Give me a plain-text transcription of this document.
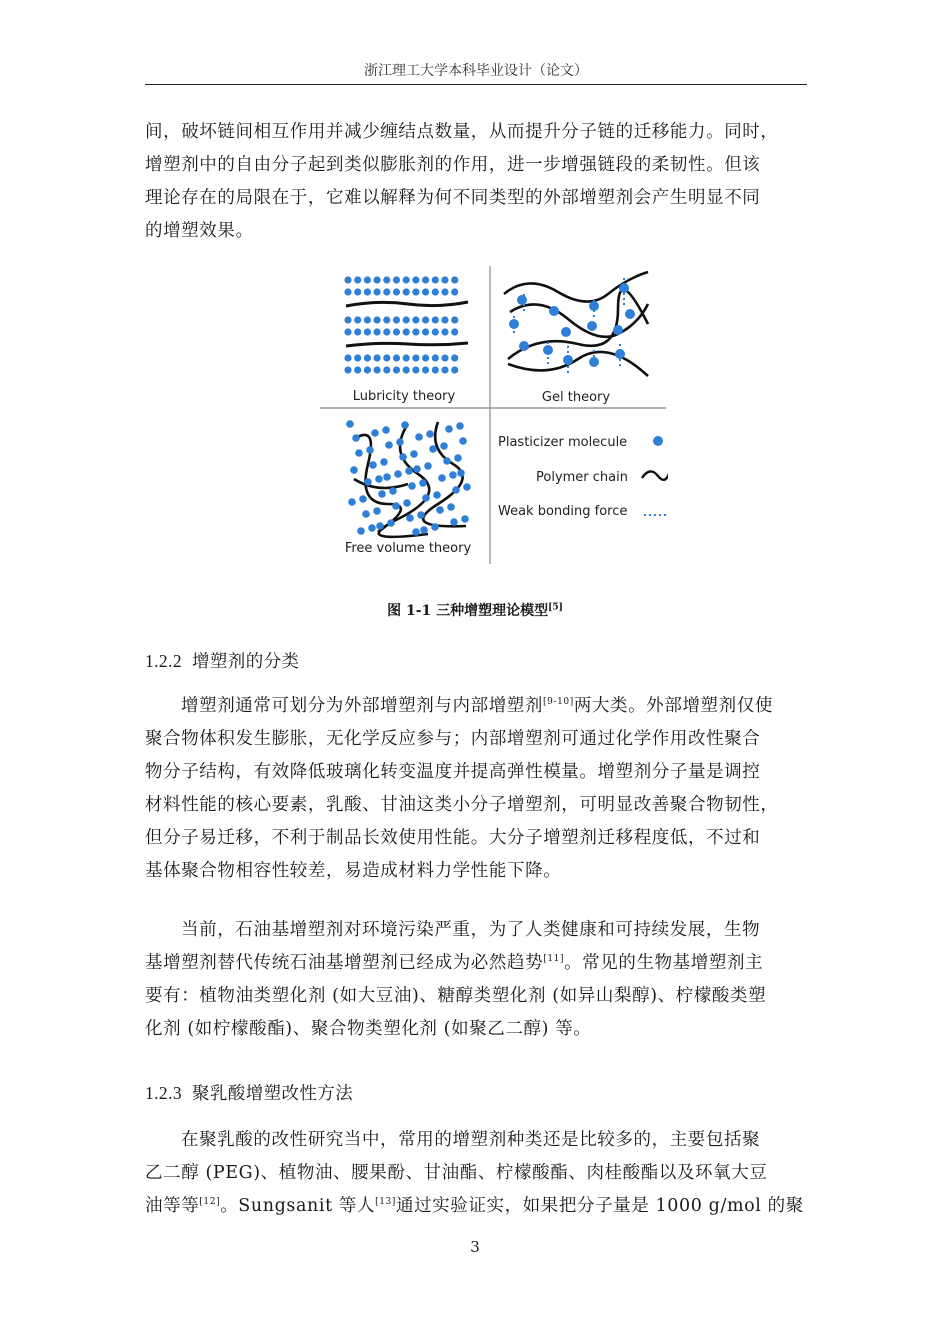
浙江理工大学本科毕业设计（论文）
间，破坏链间相互作用并减少缠结点数量，从而提升分子链的迁移能力。同时，
增塑剂中的自由分子起到类似膨胀剂的作用，进一步增强链段的柔韧性。但该
理论存在的局限在于，它难以解释为何不同类型的外部增塑剂会产生明显不同
的增塑效果。
Lubricity theory	Gel theory
Free volume theory
Plasticizer molecule
Polymer chain
Weak bonding force
图 1-1 三种增塑理论模型[5]
1.2.2 增塑剂的分类
增塑剂通常可划分为外部增塑剂与内部增塑剂[9-10]两大类。外部增塑剂仅使
聚合物体积发生膨胀，无化学反应参与；内部增塑剂可通过化学作用改性聚合
物分子结构，有效降低玻璃化转变温度并提高弹性模量。增塑剂分子量是调控
材料性能的核心要素，乳酸、甘油这类小分子增塑剂，可明显改善聚合物韧性，
但分子易迁移，不利于制品长效使用性能。大分子增塑剂迁移程度低，不过和
基体聚合物相容性较差，易造成材料力学性能下降。
当前，石油基增塑剂对环境污染严重，为了人类健康和可持续发展，生物
基增塑剂替代传统石油基增塑剂已经成为必然趋势[11]。常见的生物基增塑剂主
要有：植物油类塑化剂 (如大豆油)、糖醇类塑化剂 (如异山梨醇)、柠檬酸类塑
化剂 (如柠檬酸酯)、聚合物类塑化剂 (如聚乙二醇) 等。
1.2.3 聚乳酸增塑改性方法
在聚乳酸的改性研究当中，常用的增塑剂种类还是比较多的，主要包括聚
乙二醇 (PEG)、植物油、腰果酚、甘油酯、柠檬酸酯、肉桂酸酯以及环氧大豆
油等等[12]。Sungsanit 等人[13]通过实验证实，如果把分子量是 1000 g/mol 的聚
3
